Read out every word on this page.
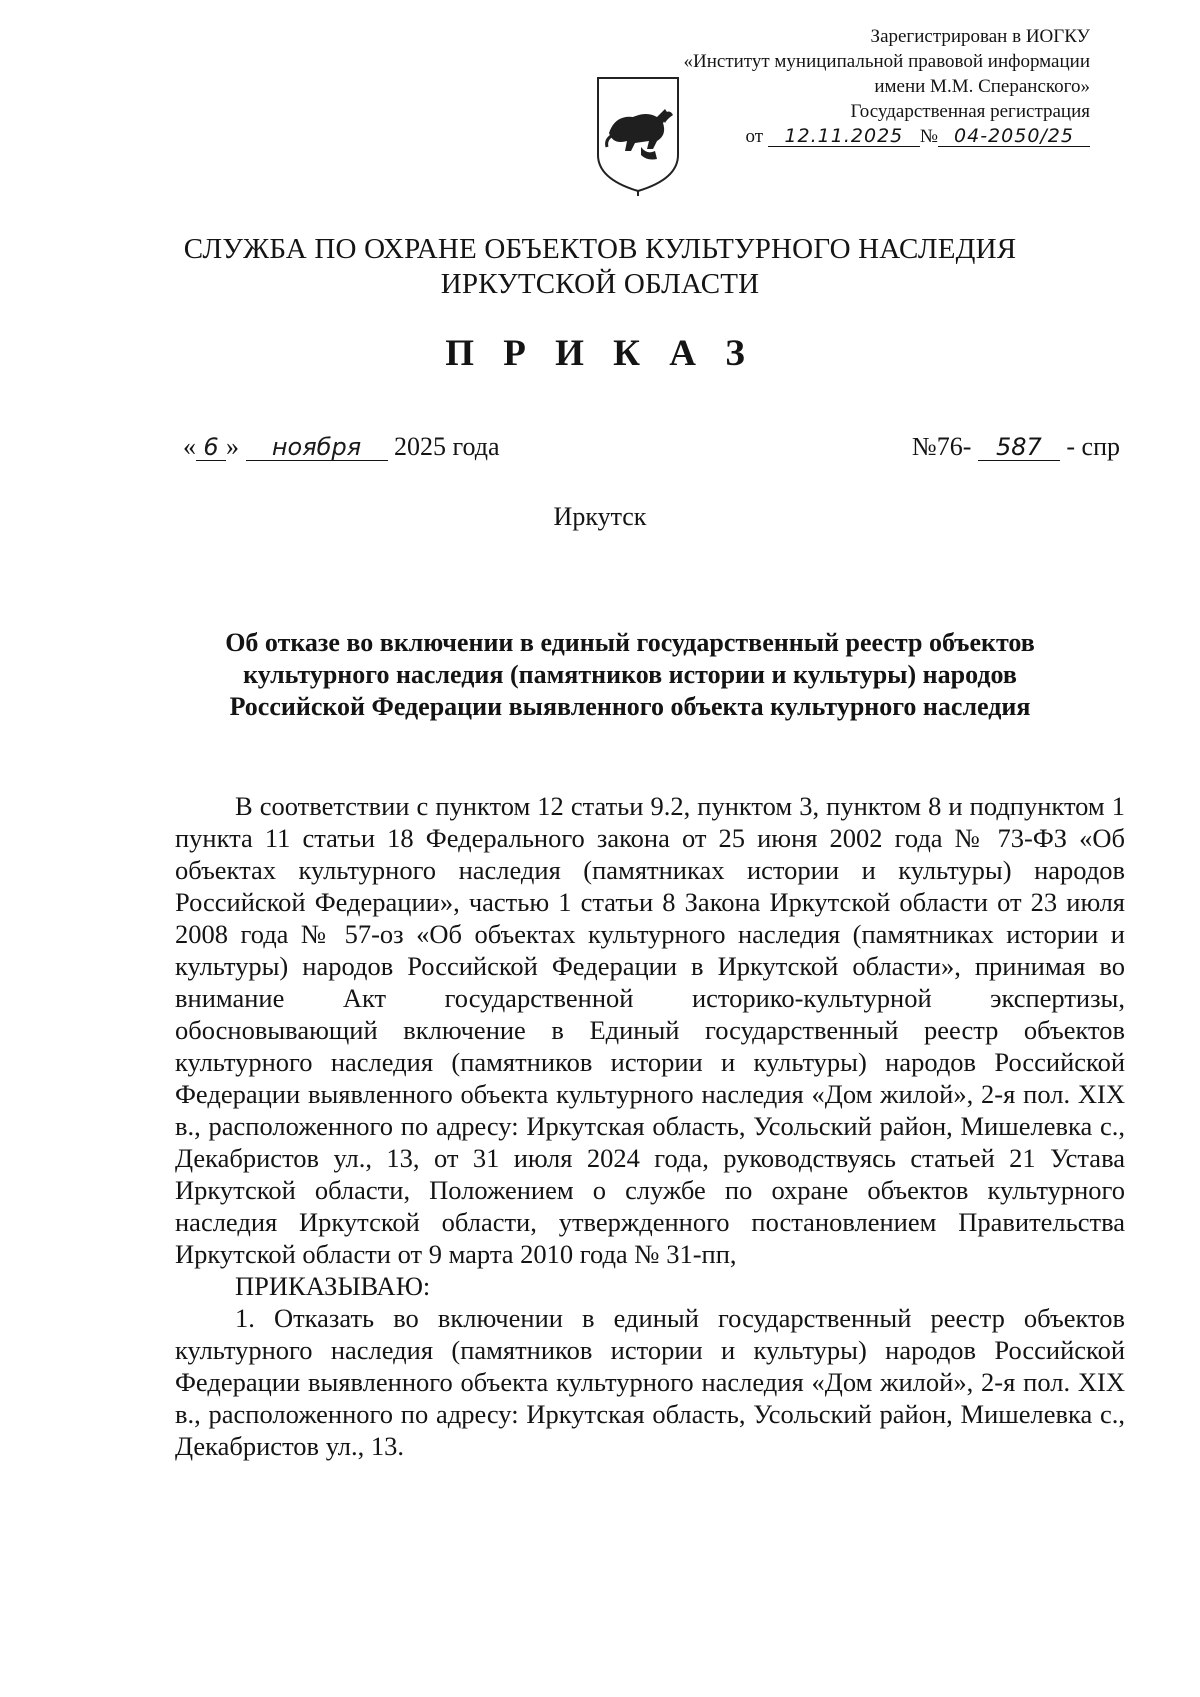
Зарегистрирован в ИОГКУ
«Институт муниципальной правовой информации
имени М.М. Сперанского»
Государственная регистрация
от 12.11.2025 № 04-2050/25
СЛУЖБА ПО ОХРАНЕ ОБЪЕКТОВ КУЛЬТУРНОГО НАСЛЕДИЯ
ИРКУТСКОЙ ОБЛАСТИ
П Р И К А З
« 6 » ноября 2025 года	№76- 587 - спр
Иркутск
Об отказе во включении в единый государственный реестр объектов культурного наследия (памятников истории и культуры) народов Российской Федерации выявленного объекта культурного наследия

В соответствии с пунктом 12 статьи 9.2, пунктом 3, пунктом 8 и подпунктом 1 пункта 11 статьи 18 Федерального закона от 25 июня 2002 года № 73-ФЗ «Об объектах культурного наследия (памятниках истории и культуры) народов Российской Федерации», частью 1 статьи 8 Закона Иркутской области от 23 июля 2008 года № 57-оз «Об объектах культурного наследия (памятниках истории и культуры) народов Российской Федерации в Иркутской области», принимая во внимание Акт государственной историко-культурной экспертизы, обосновывающий включение в Единый государственный реестр объектов культурного наследия (памятников истории и культуры) народов Российской Федерации выявленного объекта культурного наследия «Дом жилой», 2-я пол. XIX в., расположенного по адресу: Иркутская область, Усольский район, Мишелевка с., Декабристов ул., 13, от 31 июля 2024 года, руководствуясь статьей 21 Устава Иркутской области, Положением о службе по охране объектов культурного наследия Иркутской области, утвержденного постановлением Правительства Иркутской области от 9 марта 2010 года № 31-пп,

ПРИКАЗЫВАЮ:

1. Отказать во включении в единый государственный реестр объектов культурного наследия (памятников истории и культуры) народов Российской Федерации выявленного объекта культурного наследия «Дом жилой», 2-я пол. XIX в., расположенного по адресу: Иркутская область, Усольский район, Мишелевка с., Декабристов ул., 13.
